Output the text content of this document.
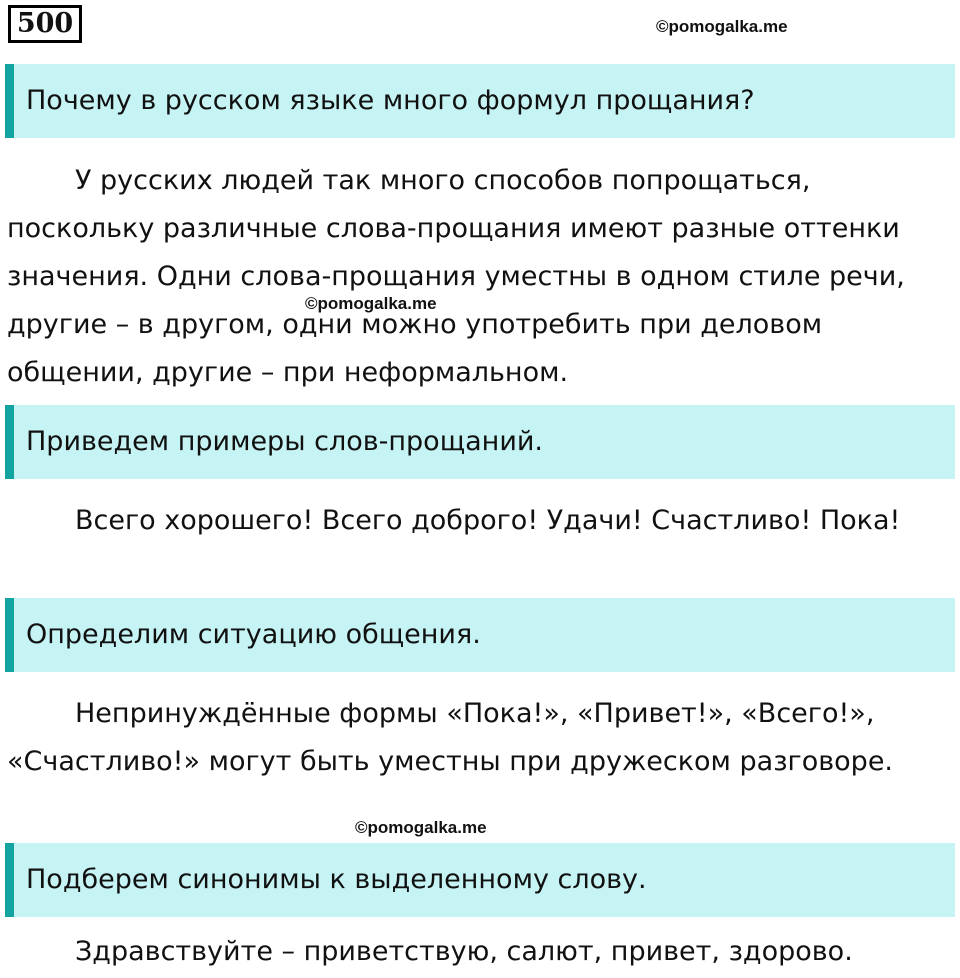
500	©pomogalka.me
Почему в русском языке много формул прощания?

У русских людей так много способов попрощаться, поскольку различные слова-прощания имеют разные оттенки значения. Одни слова-прощания уместны в одном стиле речи, другие – в другом, одни можно употребить при деловом общении, другие – при неформальном.

©pomogalka.me
Приведем примеры слов-прощаний.

Всего хорошего! Всего доброго! Удачи! Счастливо! Пока!

Определим ситуацию общения.

Непринуждённые формы «Пока!», «Привет!», «Всего!», «Счастливо!» могут быть уместны при дружеском разговоре.

©pomogalka.me
Подберем синонимы к выделенному слову.

Здравствуйте – приветствую, салют, привет, здорово.
